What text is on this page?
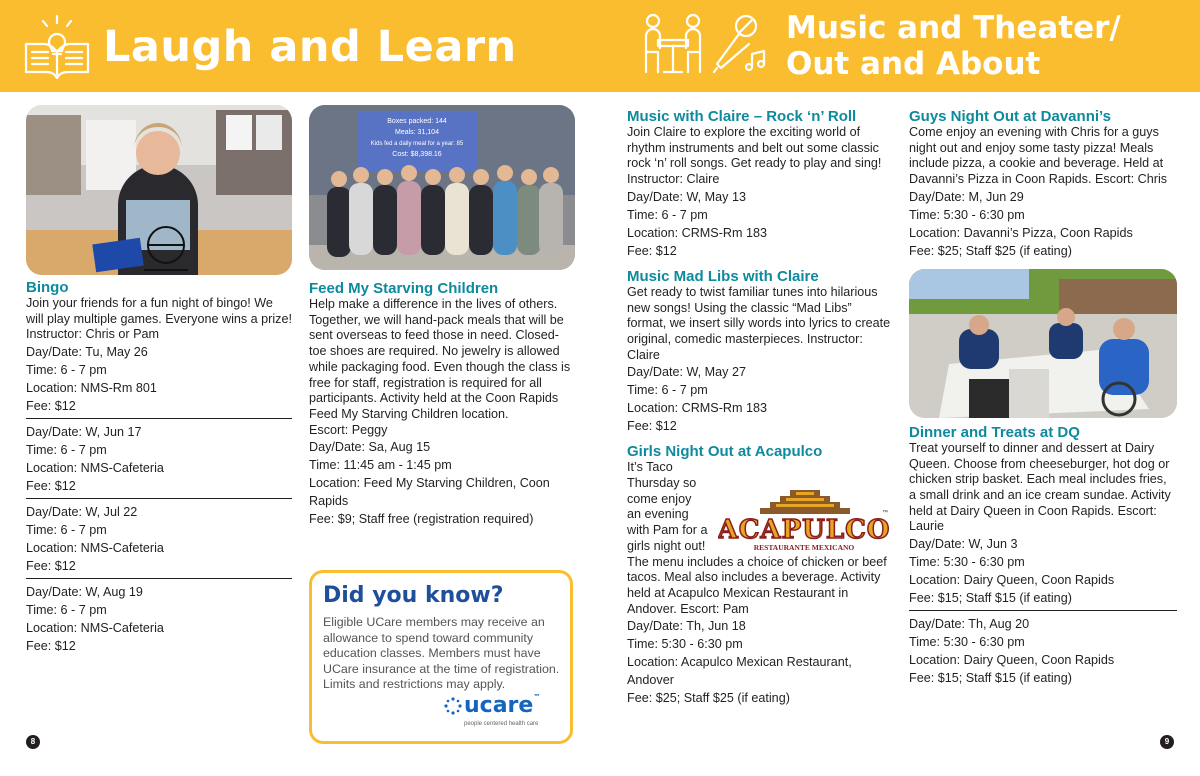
Laugh and Learn	Music and Theater/
Out and About

Bingo

Join your friends for a fun night of bingo! We will play multiple games. Everyone wins a prize! Instructor: Chris or Pam

Day/Date: Tu, May 26

Time: 6 - 7 pm

Location: NMS-Rm 801

Fee: $12

Day/Date: W, Jun 17

Time: 6 - 7 pm

Location: NMS-Cafeteria

Fee: $12

Day/Date: W, Jul 22

Time: 6 - 7 pm

Location: NMS-Cafeteria

Fee: $12

Day/Date: W, Aug 19

Time: 6 - 7 pm

Location: NMS-Cafeteria

Fee: $12

Boxes packed: 144
Meals: 31,104
Kids fed a daily meal for a year: 85
Cost: $8,398.16

Feed My Starving Children

Help make a difference in the lives of others. Together, we will hand-pack meals that will be sent overseas to feed those in need. Closed-toe shoes are required. No jewelry is allowed while packaging food. Even though the class is free for staff, registration is required for all participants. Activity held at the Coon Rapids Feed My Starving Children location.

Escort: Peggy

Day/Date: Sa, Aug 15

Time: 11:45 am - 1:45 pm

Location: Feed My Starving Children, Coon Rapids

Fee: $9; Staff free (registration required)

Did you know?

Eligible UCare members may receive an allowance to spend toward community education classes. Members must have UCare insurance at the time of registration. Limits and restrictions may apply.

ucare™
people centered health care

Music with Claire – Rock ‘n’ Roll

Join Claire to explore the exciting world of rhythm instruments and belt out some classic rock ‘n’ roll songs. Get ready to play and sing! Instructor: Claire

Day/Date: W, May 13

Time: 6 - 7 pm

Location: CRMS-Rm 183

Fee: $12

Music Mad Libs with Claire

Get ready to twist familiar tunes into hilarious new songs! Using the classic “Mad Libs” format, we insert silly words into lyrics to create original, comedic masterpieces. Instructor: Claire

Day/Date: W, May 27

Time: 6 - 7 pm

Location: CRMS-Rm 183

Fee: $12

Girls Night Out at Acapulco

It’s Taco

Thursday so

come enjoy

an evening

with Pam for a

girls night out!

The menu includes a choice of chicken or beef tacos. Meal also includes a beverage. Activity held at Acapulco Mexican Restaurant in Andover. Escort: Pam

Day/Date: Th, Jun 18

Time: 5:30 - 6:30 pm

Location: Acapulco Mexican Restaurant, Andover

Fee: $25; Staff $25 (if eating)

ACAPULCO
™
RESTAURANTE MEXICANO

Guys Night Out at Davanni’s

Come enjoy an evening with Chris for a guys night out and enjoy some tasty pizza! Meals include pizza, a cookie and beverage. Held at Davanni’s Pizza in Coon Rapids. Escort: Chris

Day/Date: M, Jun 29

Time: 5:30 - 6:30 pm

Location: Davanni’s Pizza, Coon Rapids

Fee: $25; Staff $25 (if eating)

Dinner and Treats at DQ

Treat yourself to dinner and dessert at Dairy Queen. Choose from cheeseburger, hot dog or chicken strip basket. Each meal includes fries, a small drink and an ice cream sundae. Activity held at Dairy Queen in Coon Rapids. Escort: Laurie

Day/Date: W, Jun 3

Time: 5:30 - 6:30 pm

Location: Dairy Queen, Coon Rapids

Fee: $15; Staff $15 (if eating)

Day/Date: Th, Aug 20

Time: 5:30 - 6:30 pm

Location: Dairy Queen, Coon Rapids

Fee: $15; Staff $15 (if eating)

8	9
